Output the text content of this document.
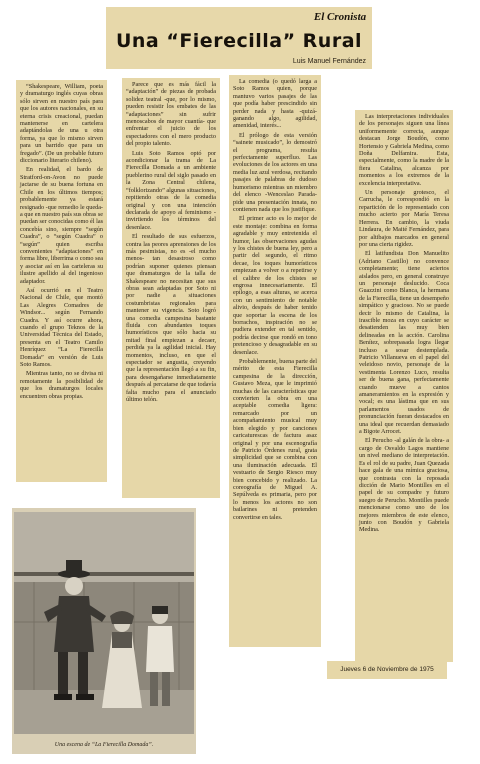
El Cronista
Una “Fierecilla” Rural
Luis Manuel Fernández

“Shakespeare, William, poeta y dramaturgo inglés cuyas obras sólo sirven en nuestro país para que los autores nacionales, en su eterna crisis creacional, puedan mantenerse en cartelera adaptándolas de una u otra forma, ya que lo mismo sirven para un barrido que para un fregado”. (De un probable futuro diccionario literario chileno).

En realidad, el bardo de Stratford-on-Avon no puede jactarse de su buena fortuna en Chile en los últimos tiempos; probablemente ya estará resignado -que remedio le queda- a que en nuestro país sus obras se puedan ser conocidas como él las concebía sino, siempre “según Cuadra”, o “según Cuadra” o “según” quien escriba convenientes “adaptaciones” en forma libre, liberrima o como sea y asociar así en las carteleras su ilustre apellido al del ingenioso adaptador.

Así ocurrió en el Teatro Nacional de Chile, que montó Las Alegres Comadres de Windsor... según Fernando Cuadra. Y así ocurre ahora, cuando el grupo Teknos de la Universidad Técnica del Estado, presenta en el Teatro Camilo Henríquez “La Fierecilla Domada” en versión de Luis Soto Ramos.

Mientras tanto, no se divisa ni remotamente la posibilidad de que los dramaturgos locales encuentren obras propias.

Parece que es más fácil la “adaptación” de piezas de probada solidez teatral -que, por lo mismo, pueden resistir los embates de las “adaptaciones” sin sufrir menoscabos de mayor cuantía- que enfrentar el juicio de los espectadores con el mero producto del propio talento.

Luis Soto Ramos optó por acondicionar la trama de La Fierecilla Domada a un ambiente pueblerino rural del siglo pasado en la Zona Central chilena, “folklorizando” algunas situaciones, repitiendo otras de la comedia original y con una intención declarada de apoyo al feminismo -invirtiendo los términos del desenlace.

El resultado de sus esfuerzos, contra las peores aprensiones de los más pesimistas, no es -el mucho menos- tan desastroso como podrían suponer quienes piensan que dramaturgos de la talla de Shakespeare no necesitan que sus obras sean adaptadas por Soto ni por nadie a situaciones costumbristas regionales para mantener su vigencia. Soto logró una comedia campesina bastante fluida con abundantes toques humorísticos que sólo hacia su mitad final empiezan a decaer, perdida ya la agilidad inicial. Hay momentos, incluso, en que el espectador se angustia, creyendo que la representación llegó a su fin, para desengañarse inmediatamente después al percatarse de que todavía falta mucho para el anunciado último telón.

La comedia (o quedó larga a Soto Ramos quien, porque mantuvo varios pasajes de las que podía haber prescindido sin perder nada y hasta -quizá- ganando algo, agilidad, amenidad, interés...

El prólogo de esta versión “sainete musicado”, lo demostró el programa, resulta perfectamente superfluo. Las evoluciones de los actores en una media luz azul verdosa, recitando pasajes de palabras de dudoso humorismo mientras un miembro del elenco -Wenceslao Parada- pide una presentación innata, no contienen nada que los justifique.

El primer acto es lo mejor de este montaje: combina en forma agradable y muy entretenida el humor, las observaciones agudas y los chistes de buena ley, pero a partir del segundo, el ritmo decae, los toques humorísticos empiezan a volver o a repetirse y el calibre de los chistes se engrosa innecesariamente. El epílogo, a esas alturas, se acerca con un sentimiento de notable alivio, después de haber tenido que soportar la escena de los borrachos, inspiración no se pudiera extender en tal sentido, podría decirse que rondó en tono pretencioso y desagradable en su desenlace.

Probablemente, buena parte del mérito de esta Fierecilla campesina de la dirección, Gustavo Meza, que le imprimió muchas de las características que convierten la obra en una aceptable comedia ligera: remarcado por un acompañamiento musical muy bien elegido y por canciones caricaturescas de factura asaz original y por una escenografía de Patricio Órdenes rural, grata simplicidad que se combina con una iluminación adecuada. El vestuario de Sergio Riesco muy bien concebido y realizado. La coreografía de Miguel A. Sepúlveda es primaria, pero por lo menos los actores no son bailarines ni pretenden convertirse en tales.

Las interpretaciones individuales de los personajes siguen una línea uniformemente correcta, aunque destacan Jorge Boudón, como Hortensio y Gabriela Medina, como Doña Delfamira. Esta, especialmente, como la madre de la fiera Catalina, alcanza por momentos a los extremos de la excelencia interpretativa.

Un personaje grotesco, el Carrucha, le correspondió en la repartición de lo representado con mucho acierto por María Teresa Herrera. En cambio, la viuda Lindaura, de Maité Fernández, para por altibajos marcados en general por una cierta rigidez.

El latifundista Don Manuelito (Adriano Castillo) no convence completamente; tiene aciertos aislados pero, en general construye un personaje deslucido. Coca Guazzini como Blanca, la hermana de la Fierecilla, tiene un desempeño simpático y gracioso. No se puede decir lo mismo de Catalina, la irascible moza en cuyo carácter se desatienden las muy bien delineadas en la acción. Carolina Benítez, sobrepasada logra llegar incluso a sosar destemplada. Patricio Villanueva en el papel del veleidoso novio, personaje de la vestimenta Lorenzo Luco, resulta ser de buena gana, perfectamente cuando mueve a cantos amaneramientos en la expresión y vocal; es una lástima que en sus parlamentos usados de pronunciación fueran destacados en una ideal que recuerdan demasiado a Bigote Arrocet.

El Perucho -al galán de la obra- a cargo de Osvaldo Lagos mantiene un nivel mediano de interpretación. Es el rol de su padre, Juan Quezada hace gala de una mímica graciosa, que contrasta con la reposada dicción de Mario Montilles en el papel de su compadre y futuro suegro de Perucho. Montilles puede mencionarse como uno de los mejores miembros de este elenco, junto con Boudón y Gabriela Medina.

Jueves 6 de Noviembre de 1975
Una escena de “La Fierecilla Domada”.
